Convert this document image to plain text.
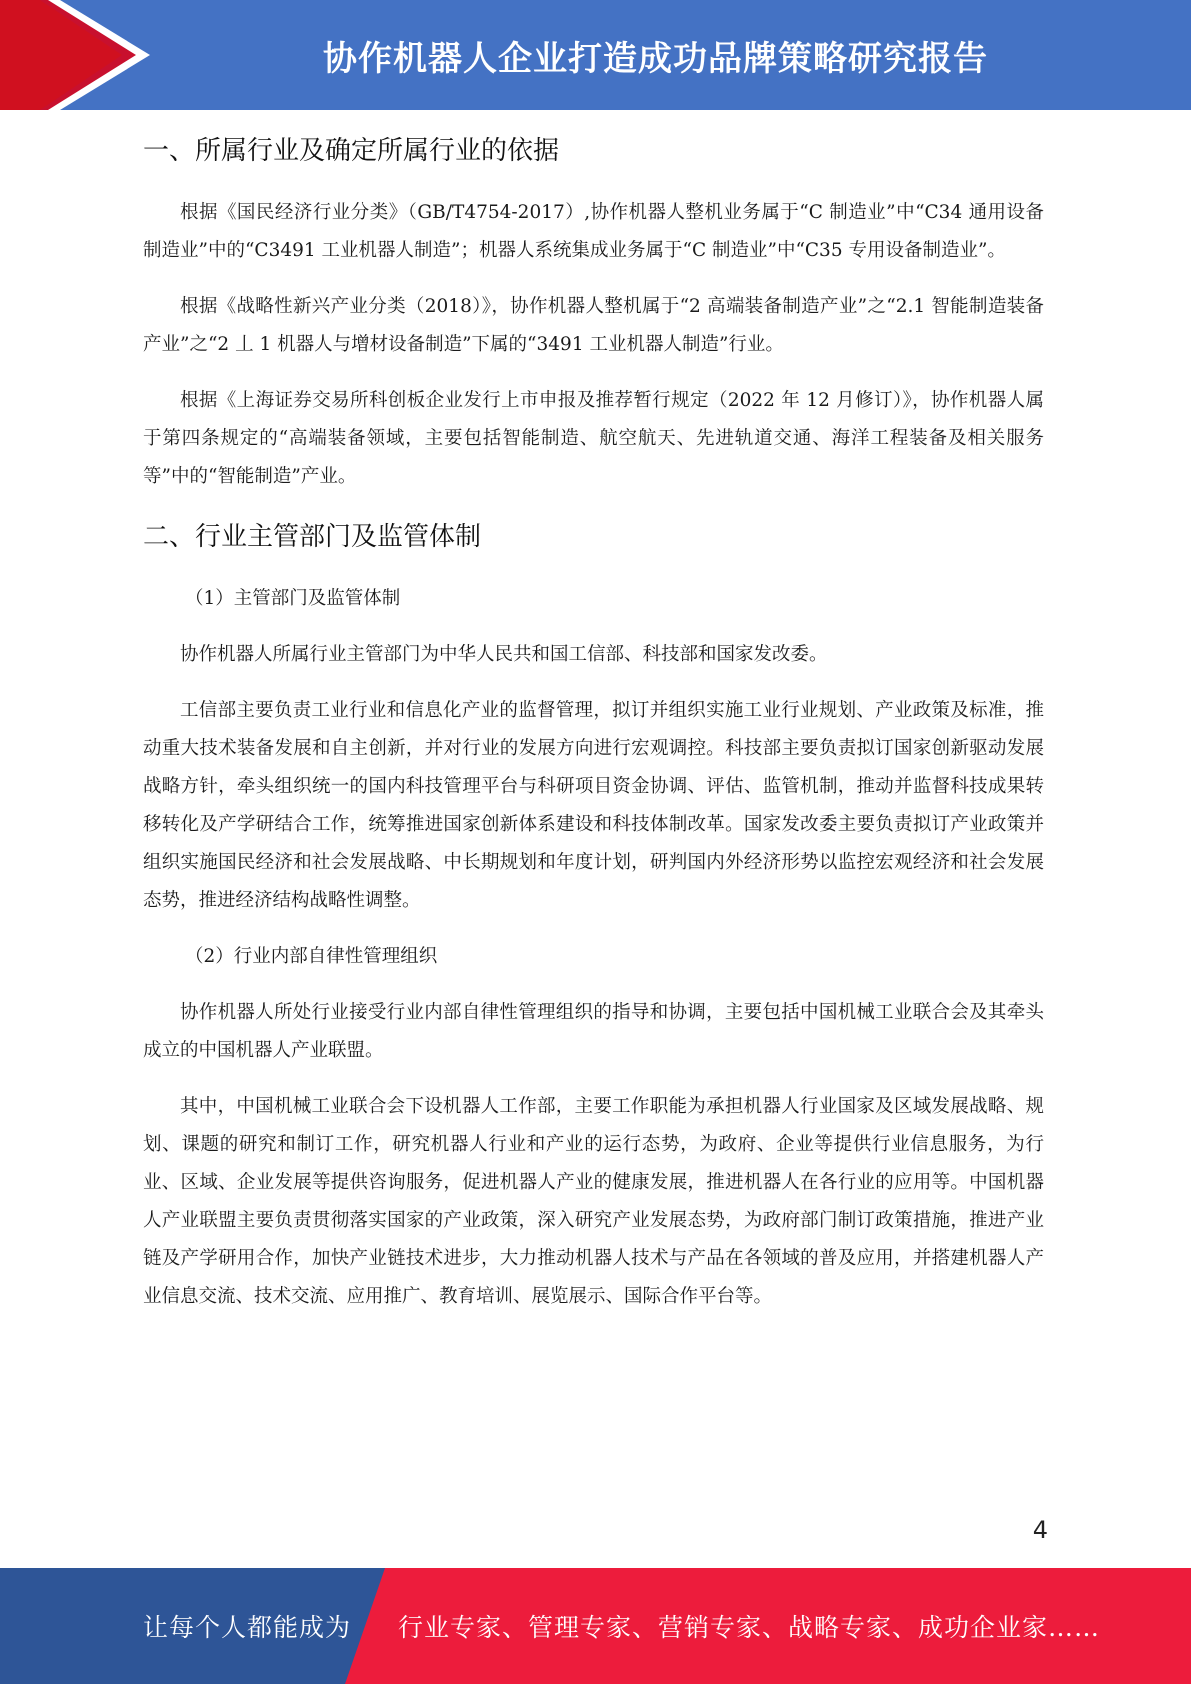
协作机器人企业打造成功品牌策略研究报告
一、所属行业及确定所属行业的依据

根据《国民经济行业分类》（GB/T4754-2017）,协作机器人整机业务属于“C 制造业”中“C34 通用设备制造业”中的“C3491 工业机器人制造”；机器人系统集成业务属于“C 制造业”中“C35 专用设备制造业”。

根据《战略性新兴产业分类（2018）》，协作机器人整机属于“2 高端装备制造产业”之“2.1 智能制造装备产业”之“2 丄 1 机器人与增材设备制造”下属的“3491 工业机器人制造”行业。

根据《上海证券交易所科创板企业发行上市申报及推荐暂行规定（2022 年 12 月修订）》，协作机器人属于第四条规定的“高端装备领域，主要包括智能制造、航空航天、先进轨道交通、海洋工程装备及相关服务等”中的“智能制造”产业。

二、行业主管部门及监管体制

（1）主管部门及监管体制

协作机器人所属行业主管部门为中华人民共和国工信部、科技部和国家发改委。

工信部主要负责工业行业和信息化产业的监督管理，拟订并组织实施工业行业规划、产业政策及标准，推动重大技术装备发展和自主创新，并对行业的发展方向进行宏观调控。科技部主要负责拟订国家创新驱动发展战略方针，牵头组织统一的国内科技管理平台与科研项目资金协调、评估、监管机制，推动并监督科技成果转移转化及产学研结合工作，统筹推进国家创新体系建设和科技体制改革。国家发改委主要负责拟订产业政策并组织实施国民经济和社会发展战略、中长期规划和年度计划，研判国内外经济形势以监控宏观经济和社会发展态势，推进经济结构战略性调整。

（2）行业内部自律性管理组织

协作机器人所处行业接受行业内部自律性管理组织的指导和协调，主要包括中国机械工业联合会及其牵头成立的中国机器人产业联盟。

其中，中国机械工业联合会下设机器人工作部，主要工作职能为承担机器人行业国家及区域发展战略、规划、课题的研究和制订工作，研究机器人行业和产业的运行态势，为政府、企业等提供行业信息服务，为行业、区域、企业发展等提供咨询服务，促进机器人产业的健康发展，推进机器人在各行业的应用等。中国机器人产业联盟主要负责贯彻落实国家的产业政策，深入研究产业发展态势，为政府部门制订政策措施，推进产业链及产学研用合作，加快产业链技术进步，大力推动机器人技术与产品在各领域的普及应用，并搭建机器人产业信息交流、技术交流、应用推广、教育培训、展览展示、国际合作平台等。

4
让每个人都能成为 行业专家、管理专家、营销专家、战略专家、成功企业家……
